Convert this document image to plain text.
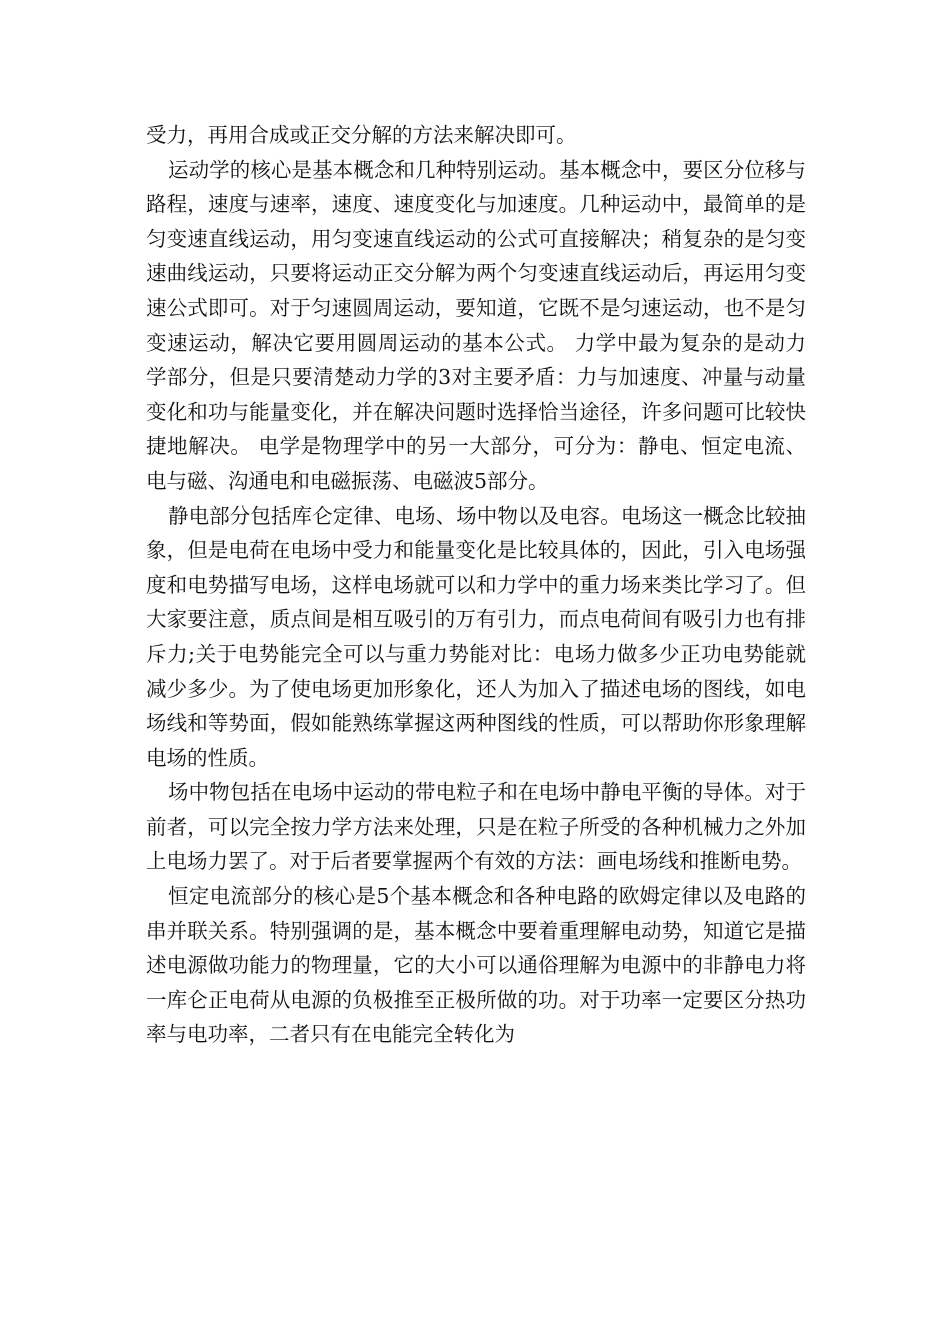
受力，再用合成或正交分解的方法来解决即可。

运动学的核心是基本概念和几种特别运动。基本概念中，要区分位移与路程，速度与速率，速度、速度变化与加速度。几种运动中，最简单的是匀变速直线运动，用匀变速直线运动的公式可直接解决；稍复杂的是匀变速曲线运动，只要将运动正交分解为两个匀变速直线运动后，再运用匀变速公式即可。对于匀速圆周运动，要知道，它既不是匀速运动，也不是匀变速运动，解决它要用圆周运动的基本公式。 力学中最为复杂的是动力学部分，但是只要清楚动力学的3对主要矛盾：力与加速度、冲量与动量变化和功与能量变化，并在解决问题时选择恰当途径，许多问题可比较快捷地解决。 电学是物理学中的另一大部分，可分为：静电、恒定电流、电与磁、沟通电和电磁振荡、电磁波5部分。

静电部分包括库仑定律、电场、场中物以及电容。电场这一概念比较抽象，但是电荷在电场中受力和能量变化是比较具体的，因此，引入电场强度和电势描写电场，这样电场就可以和力学中的重力场来类比学习了。但大家要注意，质点间是相互吸引的万有引力，而点电荷间有吸引力也有排斥力;关于电势能完全可以与重力势能对比：电场力做多少正功电势能就减少多少。为了使电场更加形象化，还人为加入了描述电场的图线，如电场线和等势面，假如能熟练掌握这两种图线的性质，可以帮助你形象理解电场的性质。

场中物包括在电场中运动的带电粒子和在电场中静电平衡的导体。对于前者，可以完全按力学方法来处理，只是在粒子所受的各种机械力之外加上电场力罢了。对于后者要掌握两个有效的方法：画电场线和推断电势。

恒定电流部分的核心是5个基本概念和各种电路的欧姆定律以及电路的串并联关系。特别强调的是，基本概念中要着重理解电动势，知道它是描述电源做功能力的物理量，它的大小可以通俗理解为电源中的非静电力将一库仑正电荷从电源的负极推至正极所做的功。对于功率一定要区分热功率与电功率，二者只有在电能完全转化为
